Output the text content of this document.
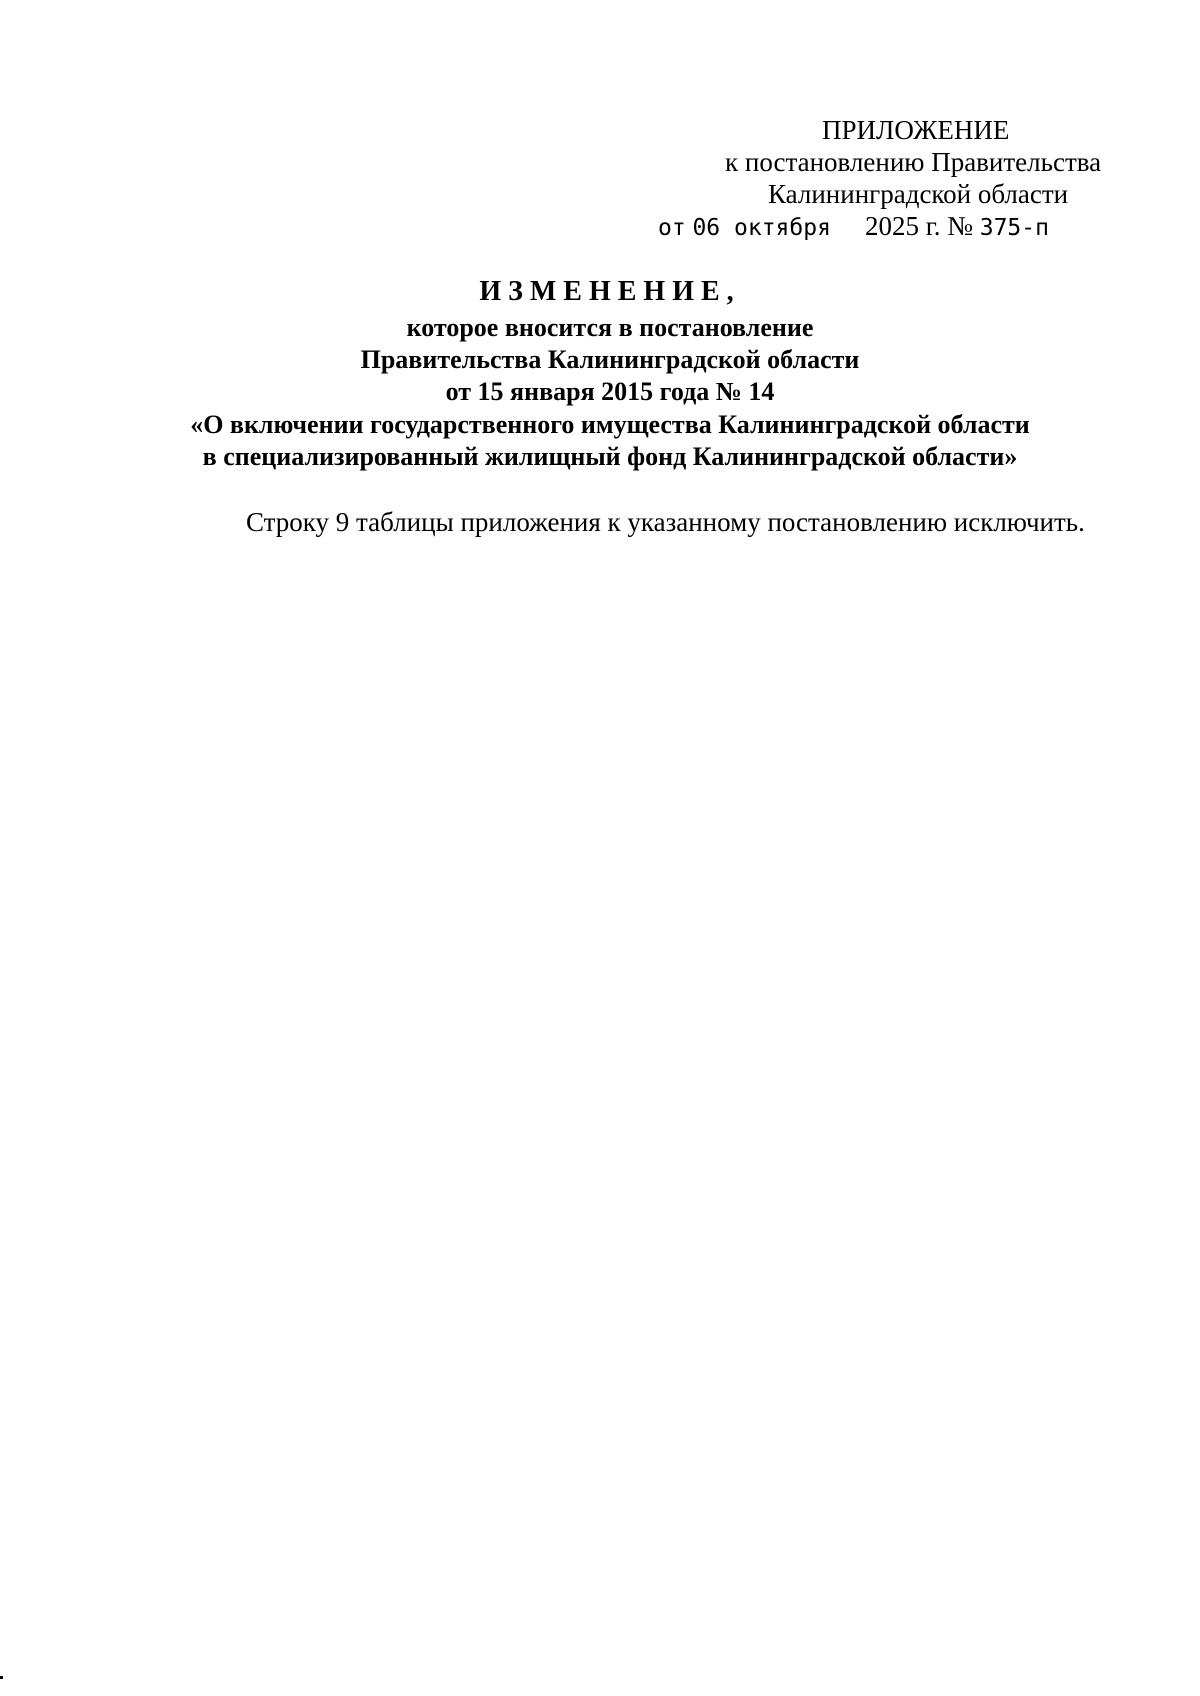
ПРИЛОЖЕНИЕ
к постановлению Правительства
Калининградской области
от 06 октября 2025 г. № 375-п
ИЗМЕНЕНИЕ,
которое вносится в постановление
Правительства Калининградской области
от 15 января 2015 года № 14
«О включении государственного имущества Калининградской области
в специализированный жилищный фонд Калининградской области»
Строку 9 таблицы приложения к указанному постановлению исключить.
